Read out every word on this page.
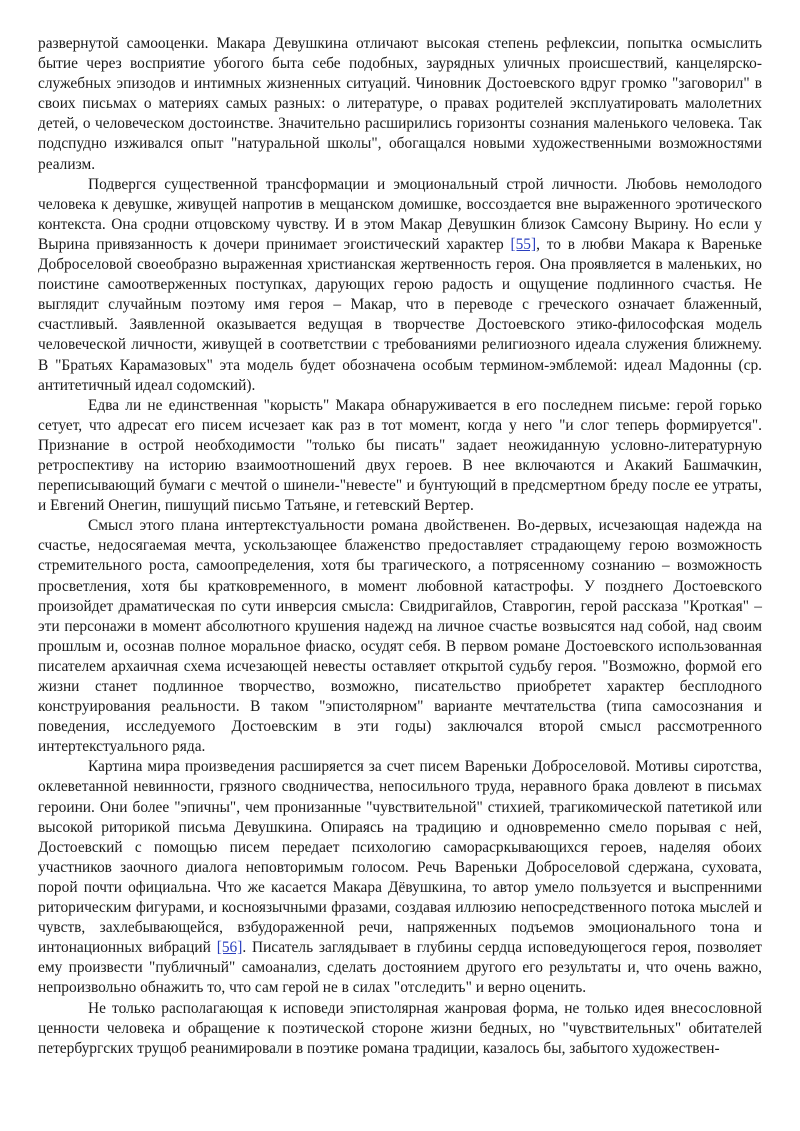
развернутой самооценки. Макара Девушкина отличают высокая степень рефлексии, попытка осмыслить бытие через восприятие убогого быта себе подобных, заурядных уличных происшествий, канцелярско-служебных эпизодов и интимных жизненных ситуаций. Чиновник Достоевского вдруг громко "заговорил" в своих письмах о материях самых разных: о литературе, о правах родителей эксплуатировать малолетних детей, о человеческом достоинстве. Значительно расширились горизонты сознания маленького человека. Так подспудно изживался опыт "натуральной школы", обогащался новыми художественными возможностями реализм.

Подвергся существенной трансформации и эмоциональный строй личности. Любовь немолодого человека к девушке, живущей напротив в мещанском домишке, воссоздается вне выраженного эротического контекста. Она сродни отцовскому чувству. И в этом Макар Девушкин близок Самсону Вырину. Но если у Вырина привязанность к дочери принимает эгоистический характер [55], то в любви Макара к Вареньке Доброселовой своеобразно выраженная христианская жертвенность героя. Она проявляется в маленьких, но поистине самоотверженных поступках, дарующих герою радость и ощущение подлинного счастья. Не выглядит случайным поэтому имя героя – Макар, что в переводе с греческого означает блаженный, счастливый. Заявленной оказывается ведущая в творчестве Достоевского этико-философская модель человеческой личности, живущей в соответствии с требованиями религиозного идеала служения ближнему. В "Братьях Карамазовых" эта модель будет обозначена особым термином-эмблемой: идеал Мадонны (ср. антитетичный идеал содомский).

Едва ли не единственная "корысть" Макара обнаруживается в его последнем письме: герой горько сетует, что адресат его писем исчезает как раз в тот момент, когда у него "и слог теперь формируется". Признание в острой необходимости "только бы писать" задает неожиданную условно-литературную ретроспективу на историю взаимоотношений двух героев. В нее включаются и Акакий Башмачкин, переписывающий бумаги с мечтой о шинели-"невесте" и бунтующий в предсмертном бреду после ее утраты, и Евгений Онегин, пишущий письмо Татьяне, и гетевский Вертер.

Смысл этого плана интертекстуальности романа двойственен. Во-дервых, исчезающая надежда на счастье, недосягаемая мечта, ускользающее блаженство предоставляет страдающему герою возможность стремительного роста, самоопределения, хотя бы трагического, а потрясенному сознанию – возможность просветления, хотя бы кратковременного, в момент любовной катастрофы. У позднего Достоевского произойдет драматическая по сути инверсия смысла: Свидригайлов, Ставрогин, герой рассказа "Кроткая" – эти персонажи в момент абсолютного крушения надежд на личное счастье возвысятся над собой, над своим прошлым и, осознав полное моральное фиаско, осудят себя. В первом романе Достоевского использованная писателем архаичная схема исчезающей невесты оставляет открытой судьбу героя. "Возможно, формой его жизни станет подлинное творчество, возможно, писательство приобретет характер бесплодного конструирования реальности. В таком "эпистолярном" варианте мечтательства (типа самосознания и поведения, исследуемого Достоевским в эти годы) заключался второй смысл рассмотренного интертекстуального ряда.

Картина мира произведения расширяется за счет писем Вареньки Доброселовой. Мотивы сиротства, оклеветанной невинности, грязного сводничества, непосильного труда, неравного брака довлеют в письмах героини. Они более "эпичны", чем пронизанные "чувствительной" стихией, трагикомической патетикой или высокой риторикой письма Девушкина. Опираясь на традицию и одновременно смело порывая с ней, Достоевский с помощью писем передает психологию саморасркывающихся героев, наделяя обоих участников заочного диалога неповторимым голосом. Речь Вареньки Доброселовой сдержана, суховата, порой почти официальна. Что же касается Макара Дёвушкина, то автор умело пользуется и выспренними риторическим фигурами, и косноязычными фразами, создавая иллюзию непосредственного потока мыслей и чувств, захлебывающейся, взбудораженной речи, напряженных подъемов эмоционального тона и интонационных вибраций [56]. Писатель заглядывает в глубины сердца исповедующегося героя, позволяет ему произвести "публичный" самоанализ, сделать достоянием другого его результаты и, что очень важно, непроизвольно обнажить то, что сам герой не в силах "отследить" и верно оценить.

Не только располагающая к исповеди эпистолярная жанровая форма, не только идея внесословной ценности человека и обращение к поэтической стороне жизни бедных, но "чувствительных" обитателей петербургских трущоб реанимировали в поэтике романа традиции, казалось бы, забытого художествен-
